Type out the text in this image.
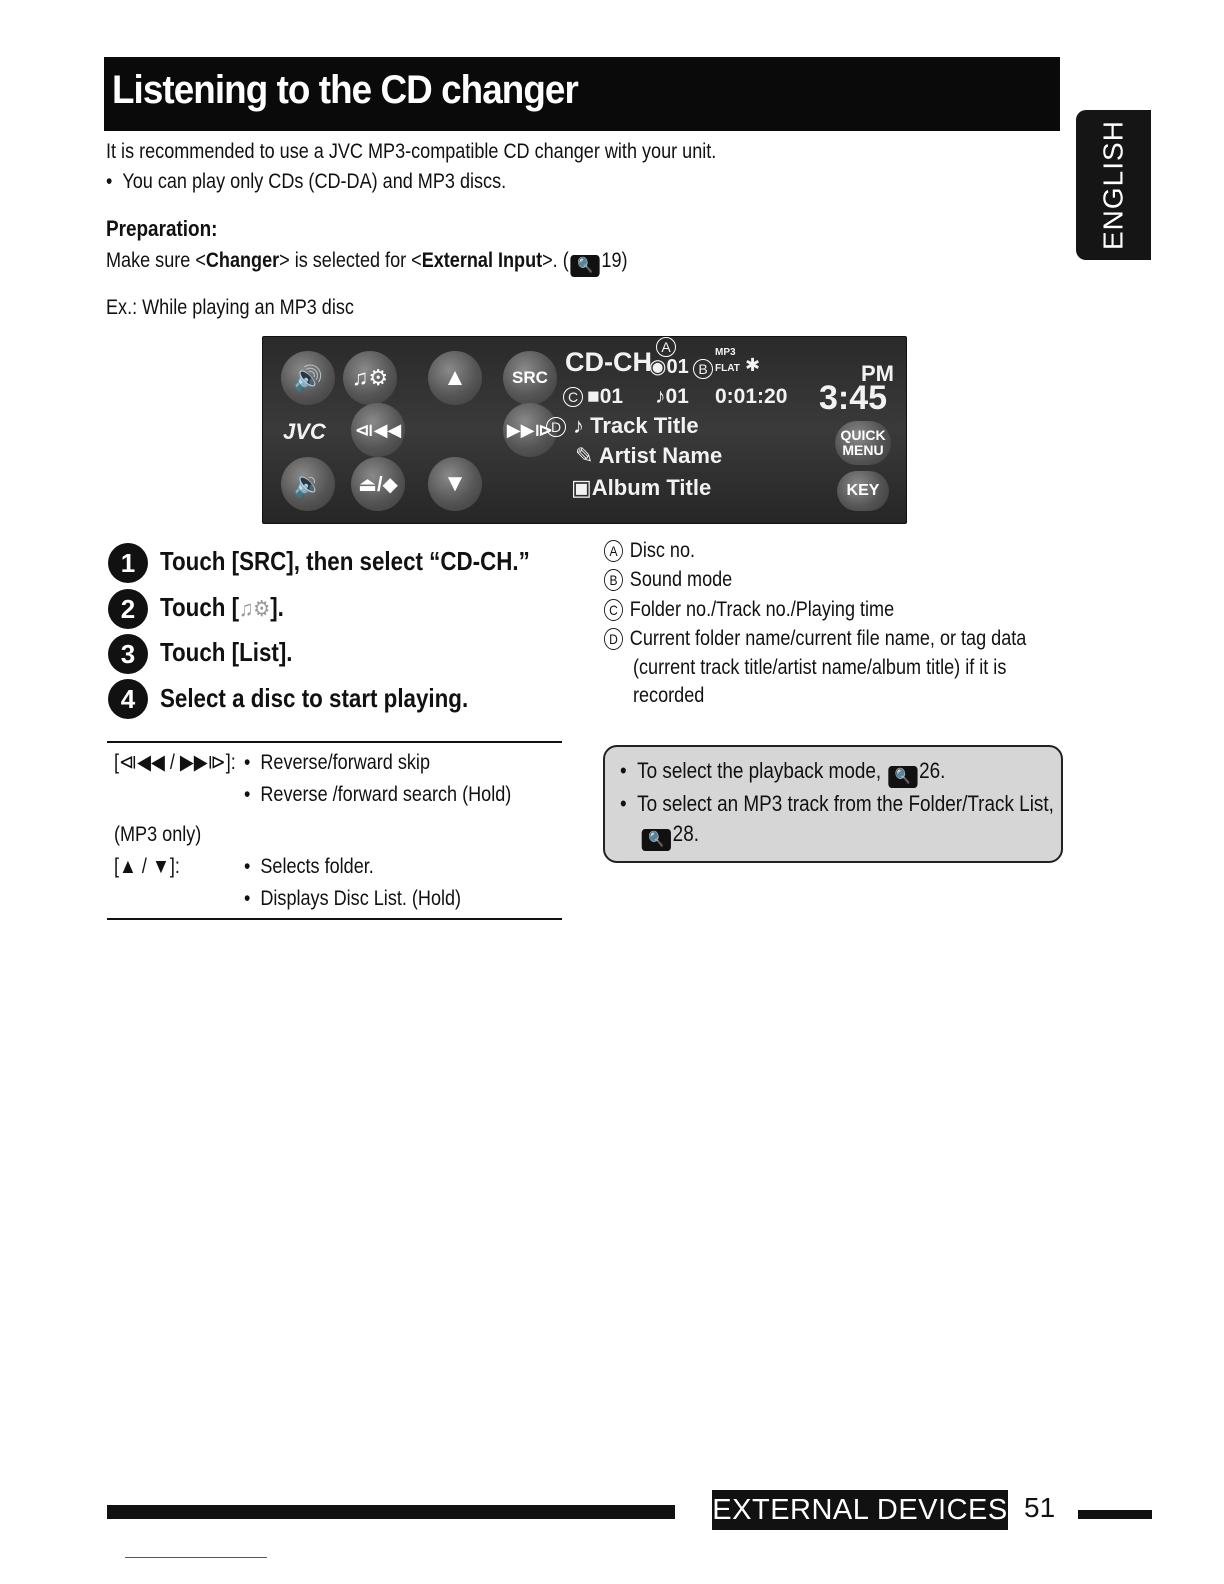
Listening to the CD changer
ENGLISH
It is recommended to use a JVC MP3-compatible CD changer with your unit.
•  You can play only CDs (CD-DA) and MP3 discs.
Preparation:
Make sure <Changer> is selected for <External Input>. ( 🔍 19)
Ex.: While playing an MP3 disc
🔊	♫⚙	▲	SRC
JVC ⧏◀◀	▶▶⧐
🔉	⏏/◆	▼
CD-CH
◉01
A
B
MP3
FLAT ✱	PM
3:45
C ■01 ♪01 0:01:20
D ♪ Track Title
✎ Artist Name
▣Album Title
QUICK MENU
KEY
1 Touch [SRC], then select “CD-CH.”
2 Touch [♫⚙].
3 Touch [List].
4 Select a disc to start playing.
A Disc no.
B Sound mode
C Folder no./Track no./Playing time
D Current folder name/current file name, or tag data
(current track title/artist name/album title) if it is
recorded
[⧏◀◀ / ▶▶⧐]: •  Reverse/forward skip
•  Reverse /forward search (Hold)
(MP3 only)
[▲ / ▼]:	•  Selects folder.
•  Displays Disc List. (Hold)
•  To select the playback mode, 🔍 26.
•  To select an MP3 track from the Folder/Track List,
🔍 28.
EXTERNAL DEVICES 51
